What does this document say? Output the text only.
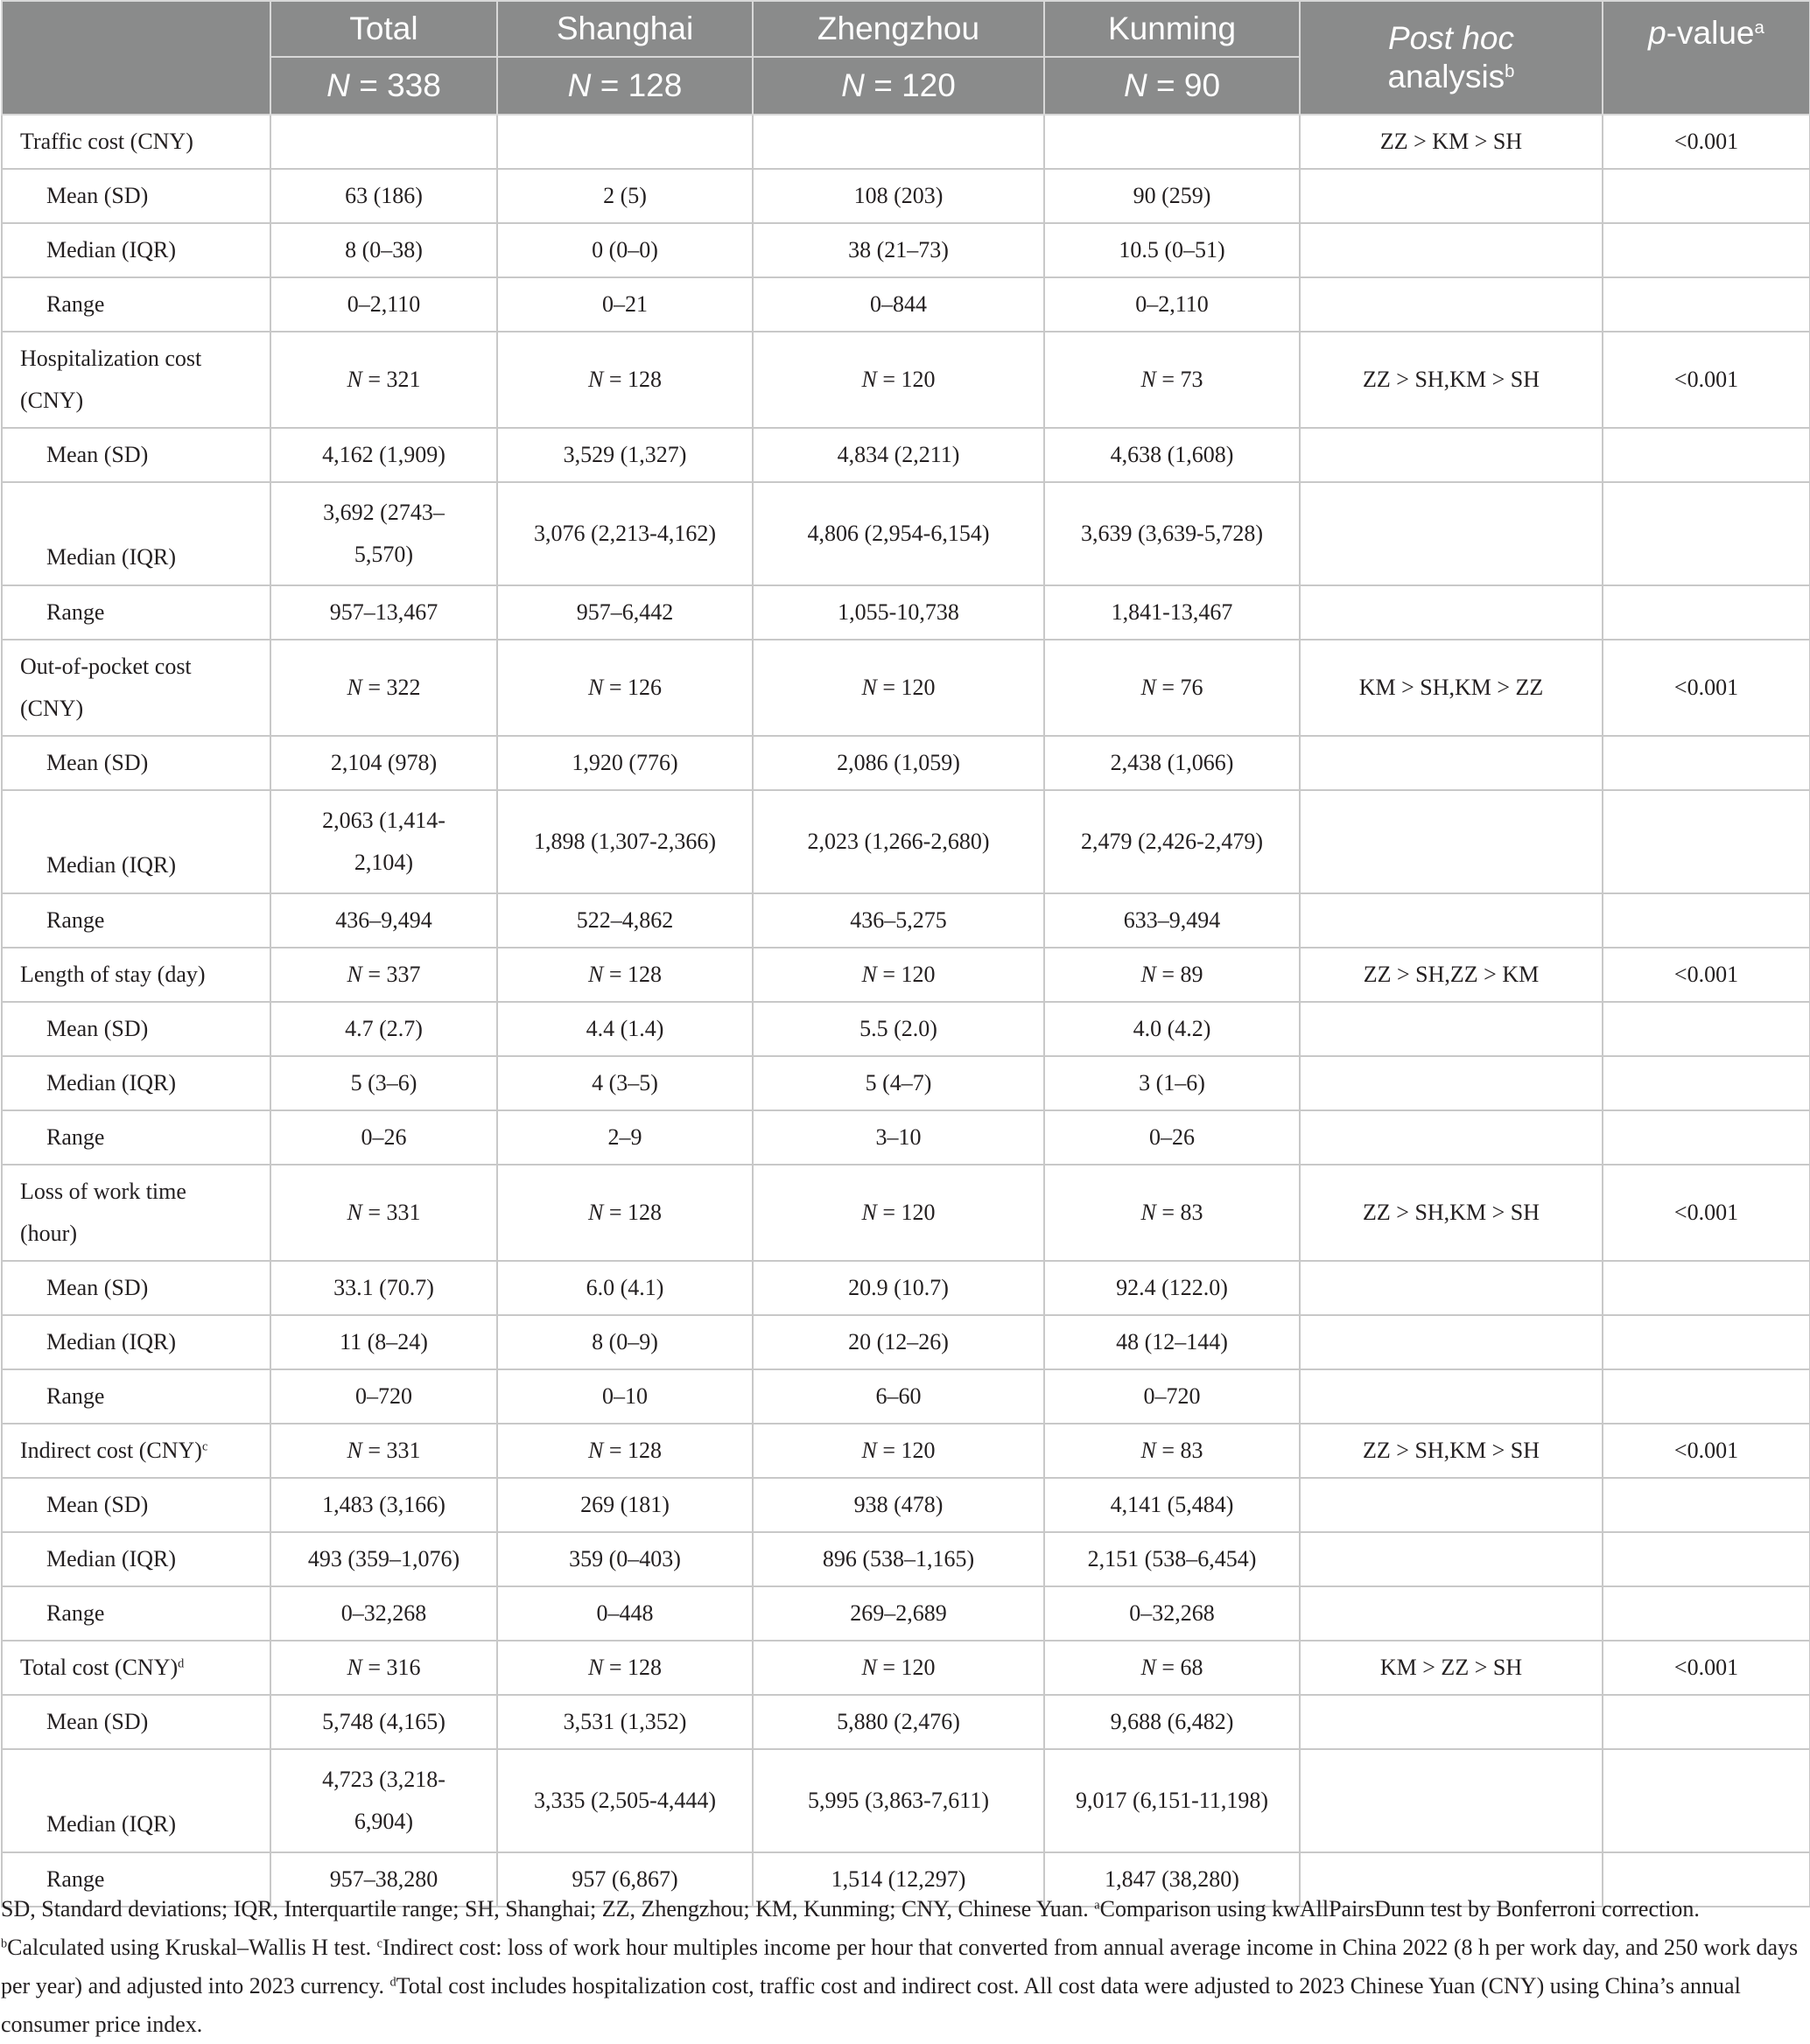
	Total	Shanghai	Zhengzhou	Kunming	Post hoc
analysis$^b$	p-value$^a$
	N = 338	N = 128	N = 120	N = 90		
Traffic cost (CNY)					ZZ > KM > SH	<0.001
Mean (SD)	63 (186)	2 (5)	108 (203)	90 (259)		
Median (IQR)	8 (0–38)	0 (0–0)	38 (21–73)	10.5 (0–51)		
Range	0–2,110	0–21	0–844	0–2,110		
Hospitalization cost
(CNY)	N = 321	N = 128	N = 120	N = 73	ZZ > SH,KM > SH	<0.001
Mean (SD)	4,162 (1,909)	3,529 (1,327)	4,834 (2,211)	4,638 (1,608)		
Median (IQR)	3,692 (2743–
5,570)	3,076 (2,213-4,162)	4,806 (2,954-6,154)	3,639 (3,639-5,728)		
Range	957–13,467	957–6,442	1,055-10,738	1,841-13,467		
Out-of-pocket cost
(CNY)	N = 322	N = 126	N = 120	N = 76	KM > SH,KM > ZZ	<0.001
Mean (SD)	2,104 (978)	1,920 (776)	2,086 (1,059)	2,438 (1,066)		
Median (IQR)	2,063 (1,414-
2,104)	1,898 (1,307-2,366)	2,023 (1,266-2,680)	2,479 (2,426-2,479)		
Range	436–9,494	522–4,862	436–5,275	633–9,494		
Length of stay (day)	N = 337	N = 128	N = 120	N = 89	ZZ > SH,ZZ > KM	<0.001
Mean (SD)	4.7 (2.7)	4.4 (1.4)	5.5 (2.0)	4.0 (4.2)		
Median (IQR)	5 (3–6)	4 (3–5)	5 (4–7)	3 (1–6)		
Range	0–26	2–9	3–10	0–26		
Loss of work time
(hour)	N = 331	N = 128	N = 120	N = 83	ZZ > SH,KM > SH	<0.001
Mean (SD)	33.1 (70.7)	6.0 (4.1)	20.9 (10.7)	92.4 (122.0)		
Median (IQR)	11 (8–24)	8 (0–9)	20 (12–26)	48 (12–144)		
Range	0–720	0–10	6–60	0–720		
Indirect cost (CNY)$^c$	N = 331	N = 128	N = 120	N = 83	ZZ > SH,KM > SH	<0.001
Mean (SD)	1,483 (3,166)	269 (181)	938 (478)	4,141 (5,484)		
Median (IQR)	493 (359–1,076)	359 (0–403)	896 (538–1,165)	2,151 (538–6,454)		
Range	0–32,268	0–448	269–2,689	0–32,268		
Total cost (CNY)$^d$	N = 316	N = 128	N = 120	N = 68	KM > ZZ > SH	<0.001
Mean (SD)	5,748 (4,165)	3,531 (1,352)	5,880 (2,476)	9,688 (6,482)		
Median (IQR)	4,723 (3,218-
6,904)	3,335 (2,505-4,444)	5,995 (3,863-7,611)	9,017 (6,151-11,198)		
Range	957–38,280	957 (6,867)	1,514 (12,297)	1,847 (38,280)		

SD, Standard deviations; IQR, Interquartile range; SH, Shanghai; ZZ, Zhengzhou; KM, Kunming; CNY, Chinese Yuan. $^a$Comparison using kwAllPairsDunn test by Bonferroni correction. $^b$Calculated using Kruskal–Wallis H test. $^c$Indirect cost: loss of work hour multiples income per hour that converted from annual average income in China 2022 (8 h per work day, and 250 work days per year) and adjusted into 2023 currency. $^d$Total cost includes hospitalization cost, traffic cost and indirect cost. All cost data were adjusted to 2023 Chinese Yuan (CNY) using China’s annual consumer price index.
